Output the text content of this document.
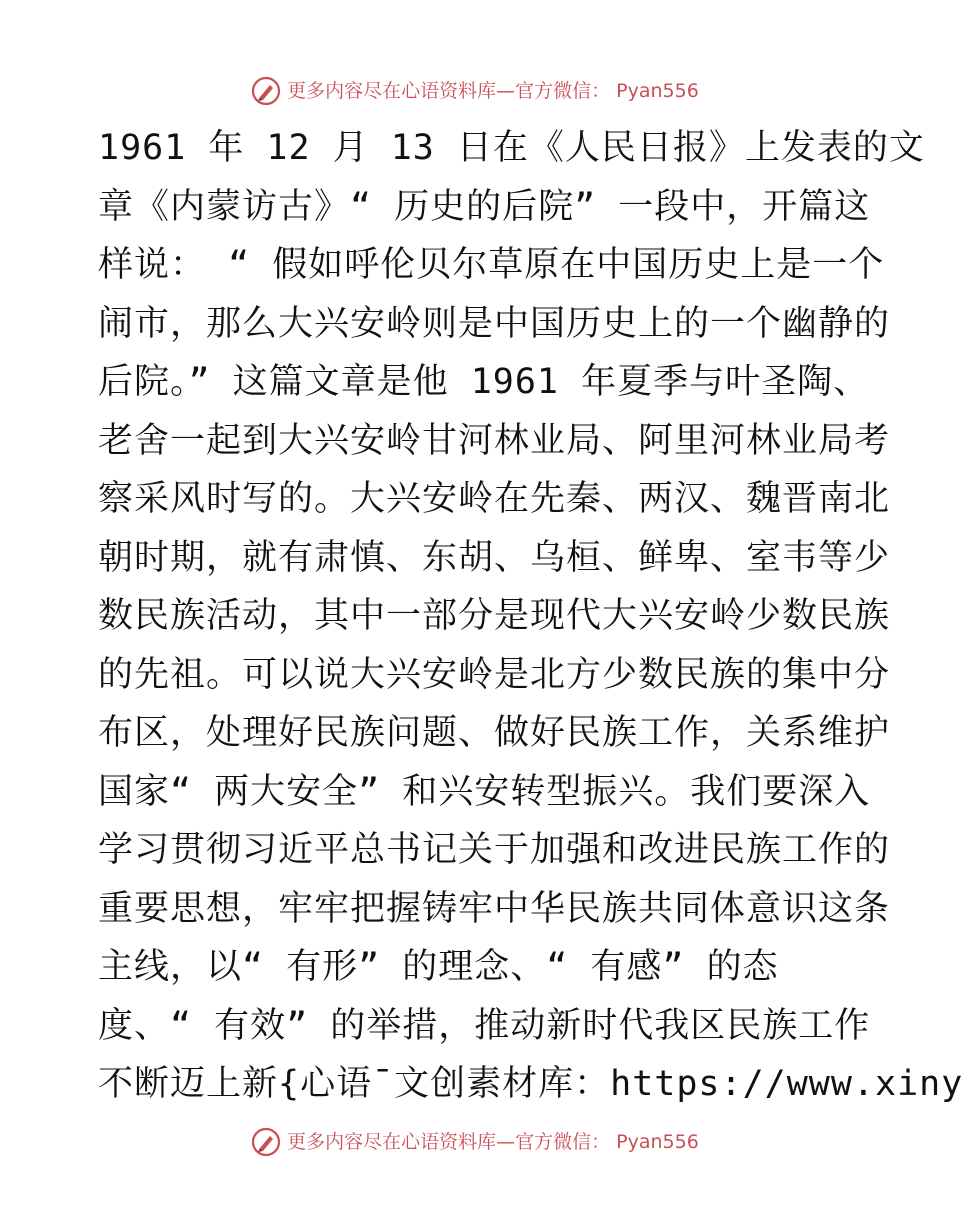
更多内容尽在心语资料库—官方微信： Pyan556
1961 年 12 月 13 日在《人民日报》上发表的文
章《内蒙访古》“ 历史的后院” 一段中，开篇这
样说： “ 假如呼伦贝尔草原在中国历史上是一个
闹市，那么大兴安岭则是中国历史上的一个幽静的
后院。” 这篇文章是他 1961 年夏季与叶圣陶、
老舍一起到大兴安岭甘河林业局、阿里河林业局考
察采风时写的。大兴安岭在先秦、两汉、魏晋南北
朝时期，就有肃慎、东胡、乌桓、鲜卑、室韦等少
数民族活动，其中一部分是现代大兴安岭少数民族
的先祖。可以说大兴安岭是北方少数民族的集中分
布区，处理好民族问题、做好民族工作，关系维护
国家“ 两大安全” 和兴安转型振兴。我们要深入
学习贯彻习近平总书记关于加强和改进民族工作的
重要思想，牢牢把握铸牢中华民族共同体意识这条
主线，以“ 有形” 的理念、“ 有感” 的态
度、“ 有效” 的举措，推动新时代我区民族工作
不断迈上新{心语¯文创素材库：https://www.xiny
更多内容尽在心语资料库—官方微信： Pyan556
